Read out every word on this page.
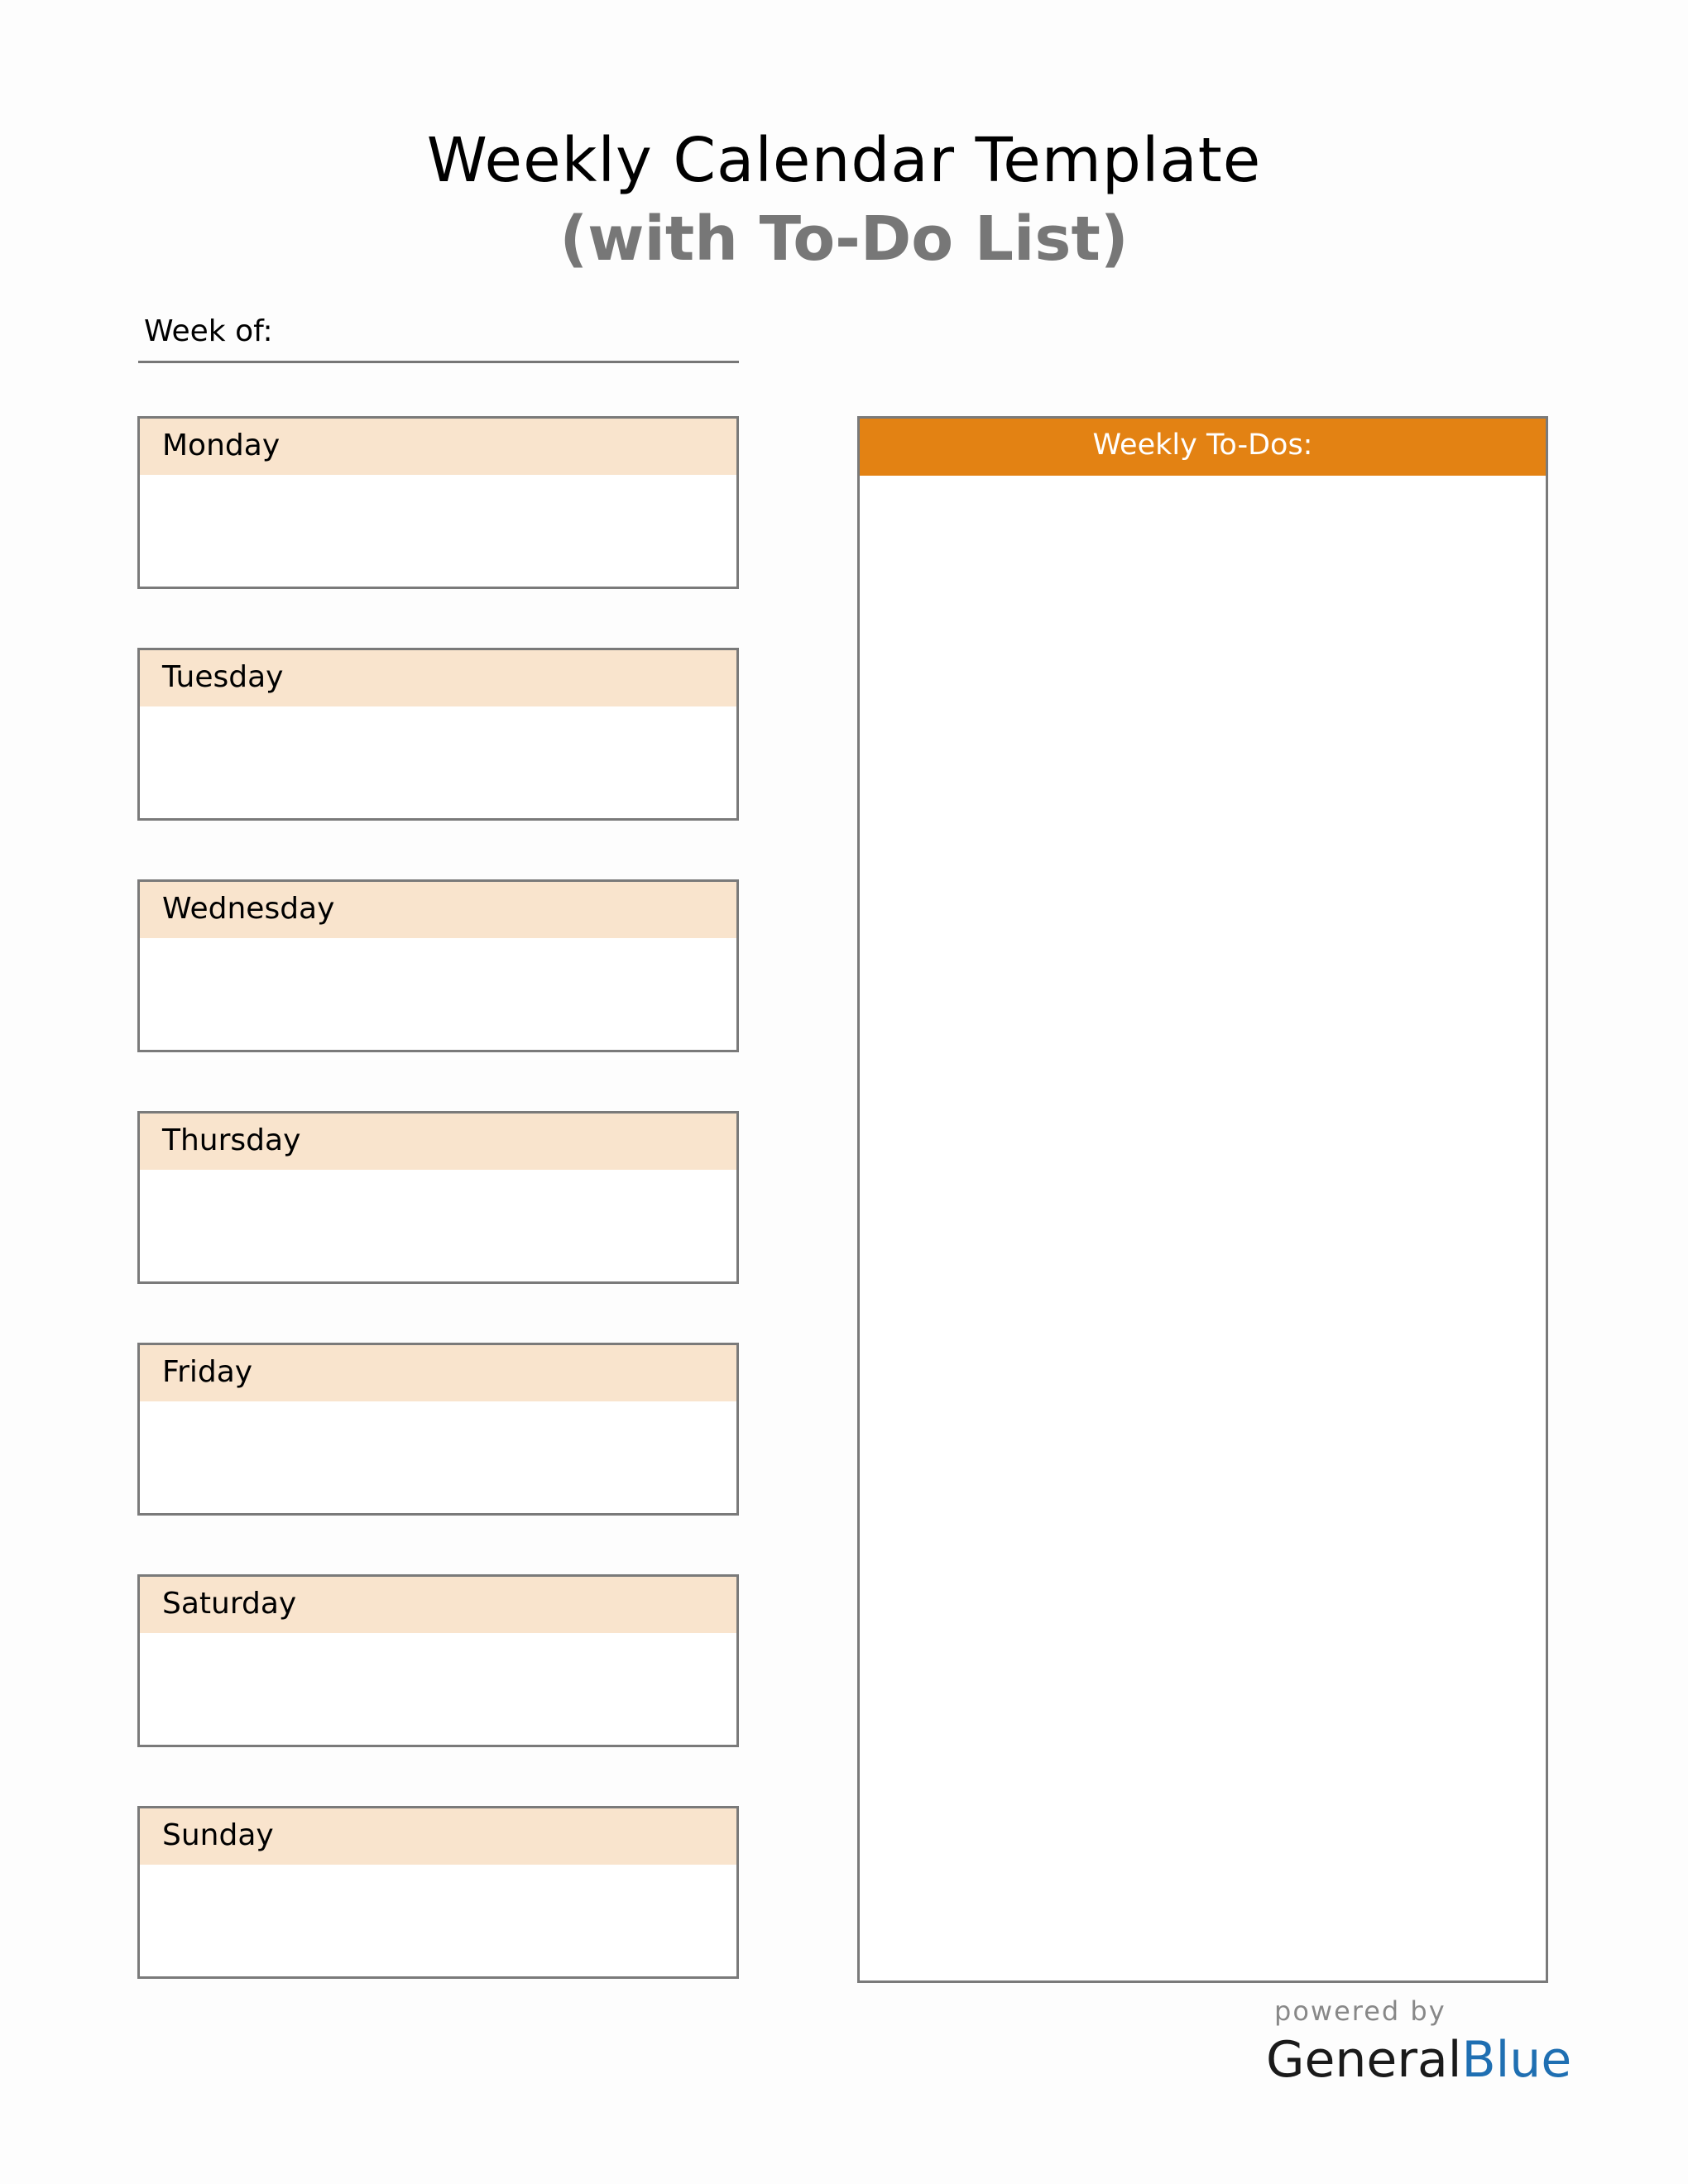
Weekly Calendar Template
(with To-Do List)
Week of:
Monday
Tuesday
Wednesday
Thursday
Friday
Saturday
Sunday
Weekly To-Dos:
powered by
GeneralBlue
